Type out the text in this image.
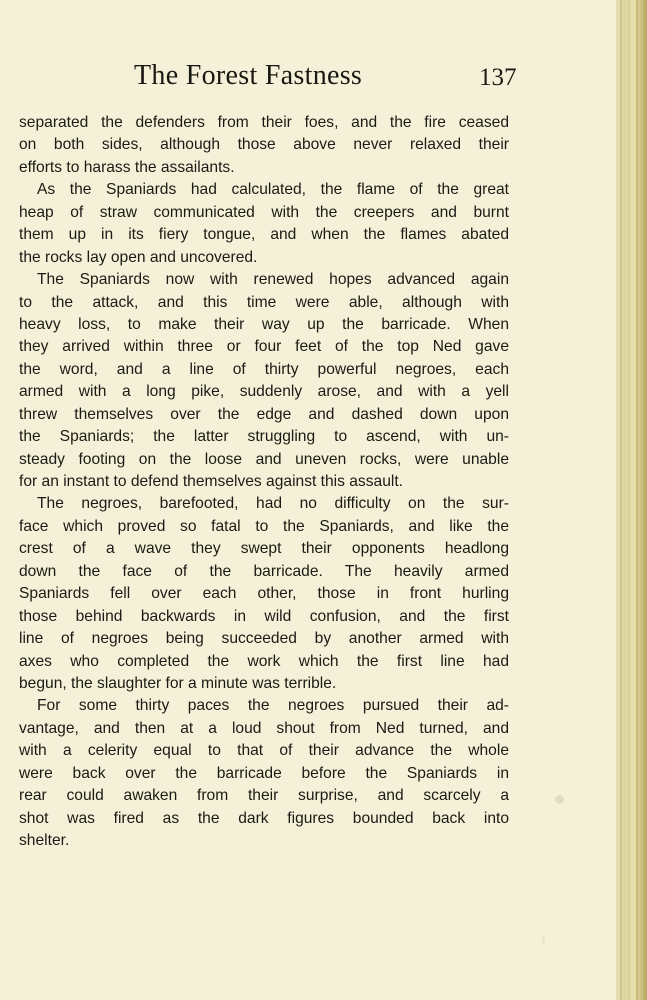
The Forest Fastness	137
separated the defenders from their foes, and the fire ceased
on both sides, although those above never relaxed their
efforts to harass the assailants.
As the Spaniards had calculated, the flame of the great
heap of straw communicated with the creepers and burnt
them up in its fiery tongue, and when the flames abated
the rocks lay open and uncovered.
The Spaniards now with renewed hopes advanced again
to the attack, and this time were able, although with
heavy loss, to make their way up the barricade. When
they arrived within three or four feet of the top Ned gave
the word, and a line of thirty powerful negroes, each
armed with a long pike, suddenly arose, and with a yell
threw themselves over the edge and dashed down upon
the Spaniards; the latter struggling to ascend, with un-
steady footing on the loose and uneven rocks, were unable
for an instant to defend themselves against this assault.
The negroes, barefooted, had no difficulty on the sur-
face which proved so fatal to the Spaniards, and like the
crest of a wave they swept their opponents headlong
down the face of the barricade. The heavily armed
Spaniards fell over each other, those in front hurling
those behind backwards in wild confusion, and the first
line of negroes being succeeded by another armed with
axes who completed the work which the first line had
begun, the slaughter for a minute was terrible.
For some thirty paces the negroes pursued their ad-
vantage, and then at a loud shout from Ned turned, and
with a celerity equal to that of their advance the whole
were back over the barricade before the Spaniards in
rear could awaken from their surprise, and scarcely a
shot was fired as the dark figures bounded back into
shelter.
